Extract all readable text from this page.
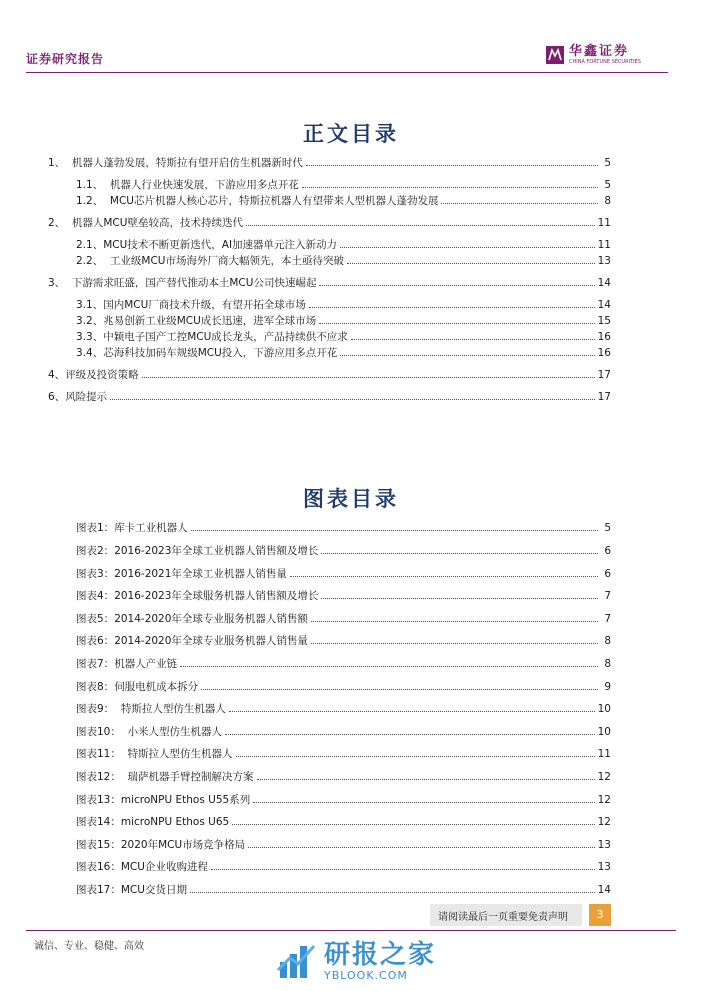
证券研究报告	华鑫证券
CHINA FORTUNE SECURITIES
正文目录
1、 机器人蓬勃发展，特斯拉有望开启仿生机器新时代	5
1.1、 机器人行业快速发展，下游应用多点开花	5
1.2、 MCU芯片机器人核心芯片，特斯拉机器人有望带来人型机器人蓬勃发展	8
2、 机器人MCU壁垒较高，技术持续迭代	11
2.1、 MCU技术不断更新迭代，AI加速器单元注入新动力	11
2.2、 工业级MCU市场海外厂商大幅领先，本土亟待突破	13
3、 下游需求旺盛，国产替代推动本土MCU公司快速崛起	14
3.1、 国内MCU厂商技术升级，有望开拓全球市场	14
3.2、 兆易创新工业级MCU成长迅速，进军全球市场	15
3.3、 中颖电子国产工控MCU成长龙头，产品持续供不应求	16
3.4、 芯海科技加码车规级MCU投入，下游应用多点开花	16
4、 评级及投资策略	17
6、 风险提示	17
图表目录
图表1： 库卡工业机器人	5
图表2： 2016-2023年全球工业机器人销售额及增长	6
图表3： 2016-2021年全球工业机器人销售量	6
图表4： 2016-2023年全球服务机器人销售额及增长	7
图表5： 2014-2020年全球专业服务机器人销售额	7
图表6： 2014-2020年全球专业服务机器人销售量	8
图表7： 机器人产业链	8
图表8： 伺服电机成本拆分	9
图表9： 特斯拉人型仿生机器人	10
图表10： 小米人型仿生机器人	10
图表11： 特斯拉人型仿生机器人	11
图表12： 瑞萨机器手臂控制解决方案	12
图表13： microNPU Ethos U55系列	12
图表14： microNPU Ethos U65	12
图表15： 2020年MCU市场竞争格局	13
图表16： MCU企业收购进程	13
图表17： MCU交货日期	14
请阅读最后一页重要免责声明	3
诚信、专业、稳健、高效	研报之家
YBLOOK.COM
